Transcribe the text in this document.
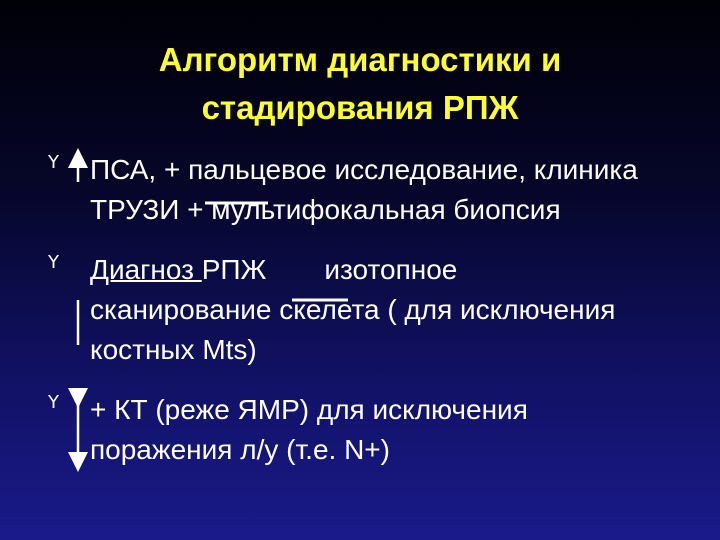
Алгоритм диагностики и
стадирования РПЖ
Y
Y
Y
ПСА, + пальцевое исследование, клиника
ТРУЗИ + мультифокальная биопсия
Диагноз РПЖ изотопное
сканирование скелета ( для исключения
костных Mts)
+ КТ (реже ЯМР) для исключения
поражения л/у (т.е. N+)
